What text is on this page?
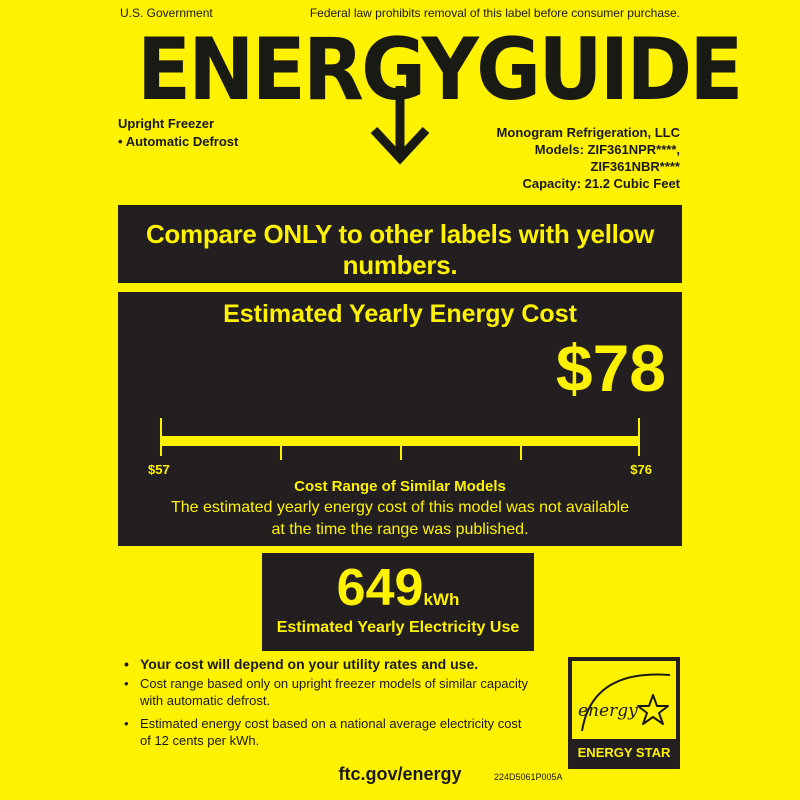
U.S. Government	Federal law prohibits removal of this label before consumer purchase.
ENERGYGUIDE
Upright Freezer
• Automatic Defrost
Monogram Refrigeration, LLC
Models: ZIF361NPR****,
ZIF361NBR****
Capacity: 21.2 Cubic Feet
Compare ONLY to other labels with yellow numbers.
Estimated Yearly Energy Cost
$78
$57	$76
Cost Range of Similar Models
The estimated yearly energy cost of this model was not available
at the time the range was published.
649kWh
Estimated Yearly Electricity Use
• Your cost will depend on your utility rates and use.
• Cost range based only on upright freezer models of similar capacity
with automatic defrost.
• Estimated energy cost based on a national average electricity cost
of 12 cents per kWh.
energy
ENERGY STAR
ftc.gov/energy	224D5061P005A
